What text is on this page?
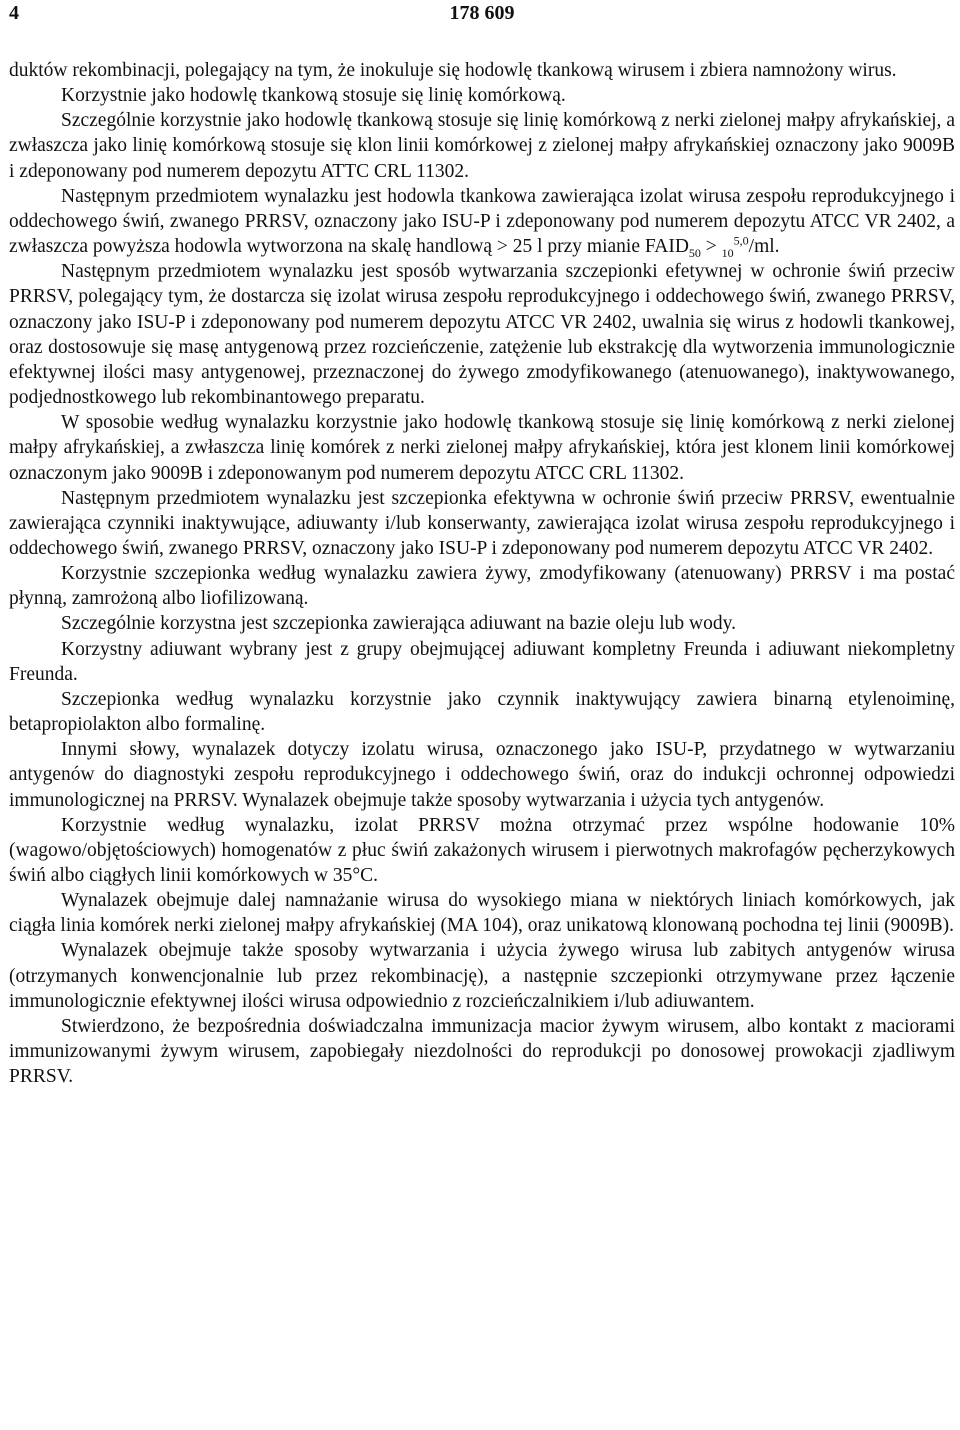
4	178 609

duktów rekombinacji, polegający na tym, że inokuluje się hodowlę tkankową wirusem i zbiera namnożony wirus.

Korzystnie jako hodowlę tkankową stosuje się linię komórkową.

Szczególnie korzystnie jako hodowlę tkankową stosuje się linię komórkową z nerki zielonej małpy afrykańskiej, a zwłaszcza jako linię komórkową stosuje się klon linii komórkowej z zielonej małpy afrykańskiej oznaczony jako 9009B i zdeponowany pod numerem depozytu ATTC CRL 11302.

Następnym przedmiotem wynalazku jest hodowla tkankowa zawierająca izolat wirusa zespołu reprodukcyjnego i oddechowego świń, zwanego PRRSV, oznaczony jako ISU-P i zdeponowany pod numerem depozytu ATCC VR 2402, a zwłaszcza powyższa hodowla wytworzona na skalę handlową > 25 l przy mianie $FAID_{50} > _{10}^{5,0}/ml$.

Następnym przedmiotem wynalazku jest sposób wytwarzania szczepionki efetywnej w ochronie świń przeciw PRRSV, polegający tym, że dostarcza się izolat wirusa zespołu reprodukcyjnego i oddechowego świń, zwanego PRRSV, oznaczony jako ISU-P i zdeponowany pod numerem depozytu ATCC VR 2402, uwalnia się wirus z hodowli tkankowej, oraz dostosowuje się masę antygenową przez rozcieńczenie, zatężenie lub ekstrakcję dla wytworzenia immunologicznie efektywnej ilości masy antygenowej, przeznaczonej do żywego zmodyfikowanego (atenuowanego), inaktywowanego, podjednostkowego lub rekombinantowego preparatu.

W sposobie według wynalazku korzystnie jako hodowlę tkankową stosuje się linię komórkową z nerki zielonej małpy afrykańskiej, a zwłaszcza linię komórek z nerki zielonej małpy afrykańskiej, która jest klonem linii komórkowej oznaczonym jako 9009B i zdeponowanym pod numerem depozytu ATCC CRL 11302.

Następnym przedmiotem wynalazku jest szczepionka efektywna w ochronie świń przeciw PRRSV, ewentualnie zawierająca czynniki inaktywujące, adiuwanty i/lub konserwanty, zawierająca izolat wirusa zespołu reprodukcyjnego i oddechowego świń, zwanego PRRSV, oznaczony jako ISU-P i zdeponowany pod numerem depozytu ATCC VR 2402.

Korzystnie szczepionka według wynalazku zawiera żywy, zmodyfikowany (atenuowany) PRRSV i ma postać płynną, zamrożoną albo liofilizowaną.

Szczególnie korzystna jest szczepionka zawierająca adiuwant na bazie oleju lub wody.

Korzystny adiuwant wybrany jest z grupy obejmującej adiuwant kompletny Freunda i adiuwant niekompletny Freunda.

Szczepionka według wynalazku korzystnie jako czynnik inaktywujący zawiera binarną etylenoiminę, betapropiolakton albo formalinę.

Innymi słowy, wynalazek dotyczy izolatu wirusa, oznaczonego jako ISU-P, przydatnego w wytwarzaniu antygenów do diagnostyki zespołu reprodukcyjnego i oddechowego świń, oraz do indukcji ochronnej odpowiedzi immunologicznej na PRRSV. Wynalazek obejmuje także sposoby wytwarzania i użycia tych antygenów.

Korzystnie według wynalazku, izolat PRRSV można otrzymać przez wspólne hodowanie 10% (wagowo/objętościowych) homogenatów z płuc świń zakażonych wirusem i pierwotnych makrofagów pęcherzykowych świń albo ciągłych linii komórkowych w 35°C.

Wynalazek obejmuje dalej namnażanie wirusa do wysokiego miana w niektórych liniach komórkowych, jak ciągła linia komórek nerki zielonej małpy afrykańskiej (MA 104), oraz unikatową klonowaną pochodna tej linii (9009B).

Wynalazek obejmuje także sposoby wytwarzania i użycia żywego wirusa lub zabitych antygenów wirusa (otrzymanych konwencjonalnie lub przez rekombinację), a następnie szczepionki otrzymywane przez łączenie immunologicznie efektywnej ilości wirusa odpowiednio z rozcieńczalnikiem i/lub adiuwantem.

Stwierdzono, że bezpośrednia doświadczalna immunizacja macior żywym wirusem, albo kontakt z maciorami immunizowanymi żywym wirusem, zapobiegały niezdolności do reprodukcji po donosowej prowokacji zjadliwym PRRSV.
